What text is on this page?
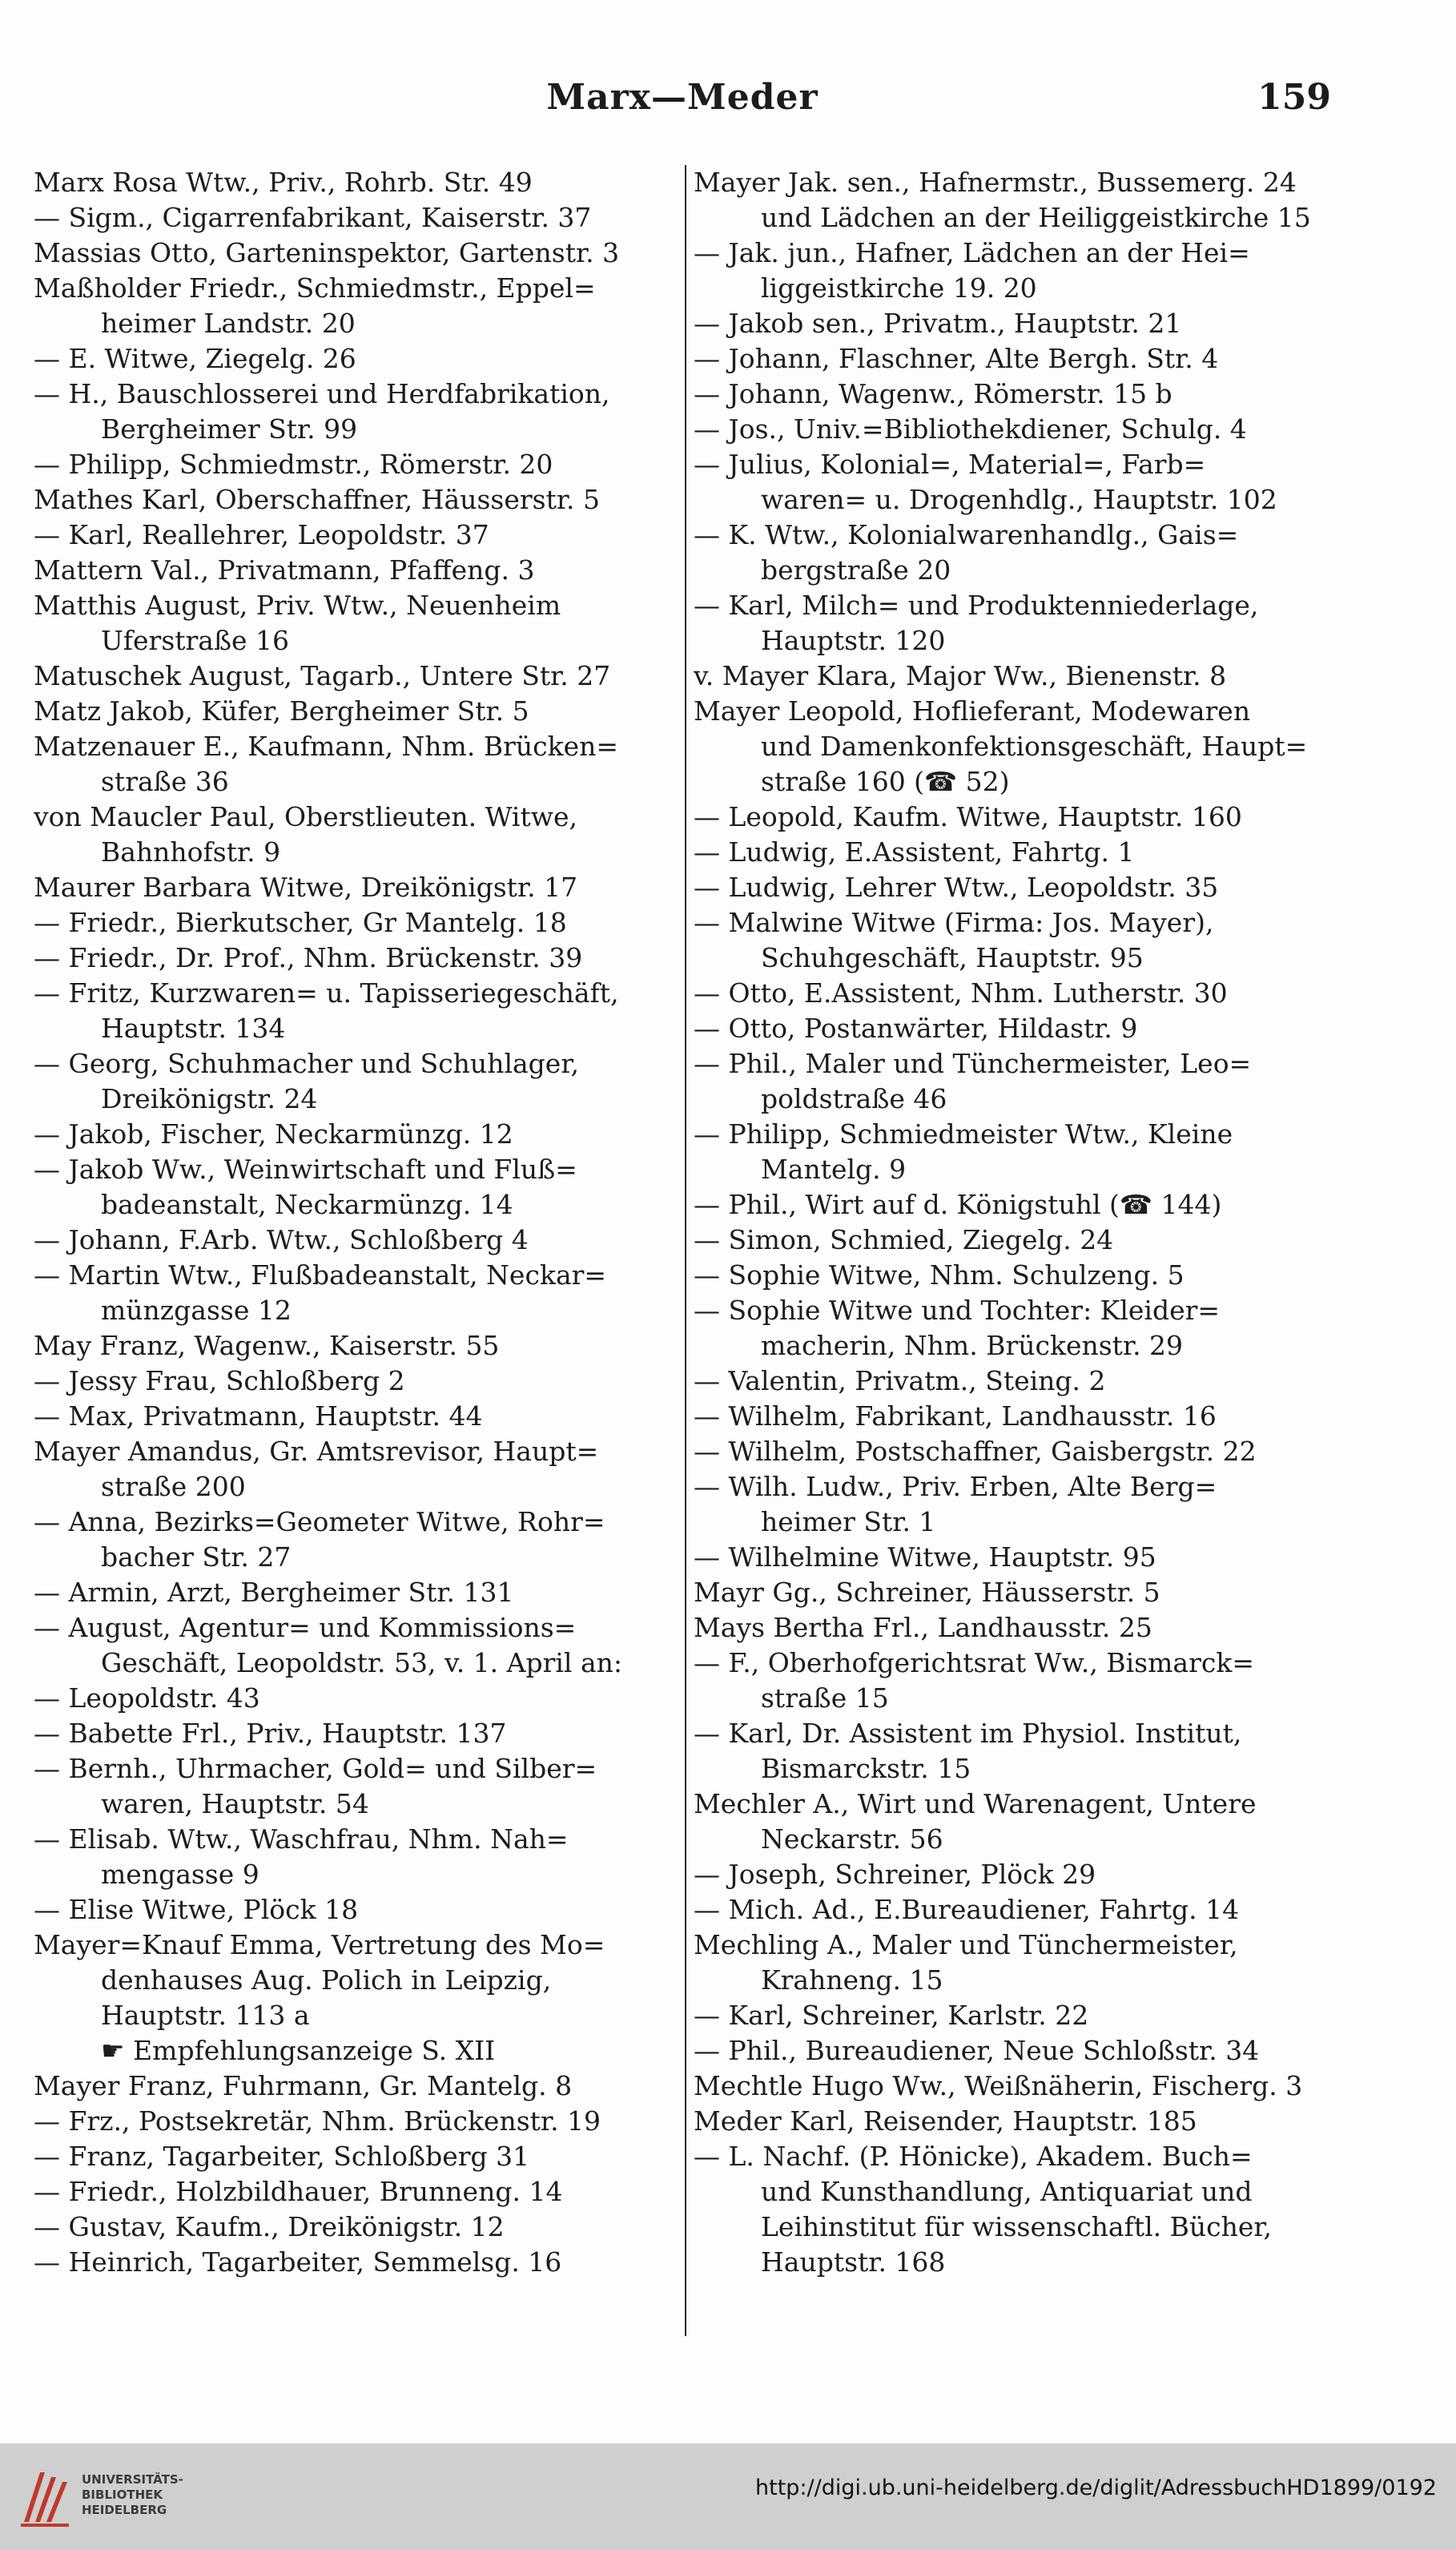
Marx—Meder	159
Marx Rosa Wtw., Priv., Rohrb. Str. 49
— Sigm., Cigarrenfabrikant, Kaiserstr. 37
Massias Otto, Garteninspektor, Gartenstr. 3
Maßholder Friedr., Schmiedmstr., Eppel=
heimer Landstr. 20
— E. Witwe, Ziegelg. 26
— H., Bauschlosserei und Herdfabrikation,
Bergheimer Str. 99
— Philipp, Schmiedmstr., Römerstr. 20
Mathes Karl, Oberschaffner, Häusserstr. 5
— Karl, Reallehrer, Leopoldstr. 37
Mattern Val., Privatmann, Pfaffeng. 3
Matthis August, Priv. Wtw., Neuenheim
Uferstraße 16
Matuschek August, Tagarb., Untere Str. 27
Matz Jakob, Küfer, Bergheimer Str. 5
Matzenauer E., Kaufmann, Nhm. Brücken=
straße 36
von Maucler Paul, Oberstlieuten. Witwe,
Bahnhofstr. 9
Maurer Barbara Witwe, Dreikönigstr. 17
— Friedr., Bierkutscher, Gr Mantelg. 18
— Friedr., Dr. Prof., Nhm. Brückenstr. 39
— Fritz, Kurzwaren= u. Tapisseriegeschäft,
Hauptstr. 134
— Georg, Schuhmacher und Schuhlager,
Dreikönigstr. 24
— Jakob, Fischer, Neckarmünzg. 12
— Jakob Ww., Weinwirtschaft und Fluß=
badeanstalt, Neckarmünzg. 14
— Johann, F.Arb. Wtw., Schloßberg 4
— Martin Wtw., Flußbadeanstalt, Neckar=
münzgasse 12
May Franz, Wagenw., Kaiserstr. 55
— Jessy Frau, Schloßberg 2
— Max, Privatmann, Hauptstr. 44
Mayer Amandus, Gr. Amtsrevisor, Haupt=
straße 200
— Anna, Bezirks=Geometer Witwe, Rohr=
bacher Str. 27
— Armin, Arzt, Bergheimer Str. 131
— August, Agentur= und Kommissions=
Geschäft, Leopoldstr. 53, v. 1. April an:
— Leopoldstr. 43
— Babette Frl., Priv., Hauptstr. 137
— Bernh., Uhrmacher, Gold= und Silber=
waren, Hauptstr. 54
— Elisab. Wtw., Waschfrau, Nhm. Nah=
mengasse 9
— Elise Witwe, Plöck 18
Mayer=Knauf Emma, Vertretung des Mo=
denhauses Aug. Polich in Leipzig,
Hauptstr. 113 a
☛ Empfehlungsanzeige S. XII
Mayer Franz, Fuhrmann, Gr. Mantelg. 8
— Frz., Postsekretär, Nhm. Brückenstr. 19
— Franz, Tagarbeiter, Schloßberg 31
— Friedr., Holzbildhauer, Brunneng. 14
— Gustav, Kaufm., Dreikönigstr. 12
— Heinrich, Tagarbeiter, Semmelsg. 16
Mayer Jak. sen., Hafnermstr., Bussemerg. 24
und Lädchen an der Heiliggeistkirche 15
— Jak. jun., Hafner, Lädchen an der Hei=
liggeistkirche 19. 20
— Jakob sen., Privatm., Hauptstr. 21
— Johann, Flaschner, Alte Bergh. Str. 4
— Johann, Wagenw., Römerstr. 15 b
— Jos., Univ.=Bibliothekdiener, Schulg. 4
— Julius, Kolonial=, Material=, Farb=
waren= u. Drogenhdlg., Hauptstr. 102
— K. Wtw., Kolonialwarenhandlg., Gais=
bergstraße 20
— Karl, Milch= und Produktenniederlage,
Hauptstr. 120
v. Mayer Klara, Major Ww., Bienenstr. 8
Mayer Leopold, Hoflieferant, Modewaren
und Damenkonfektionsgeschäft, Haupt=
straße 160 (☎ 52)
— Leopold, Kaufm. Witwe, Hauptstr. 160
— Ludwig, E.Assistent, Fahrtg. 1
— Ludwig, Lehrer Wtw., Leopoldstr. 35
— Malwine Witwe (Firma: Jos. Mayer),
Schuhgeschäft, Hauptstr. 95
— Otto, E.Assistent, Nhm. Lutherstr. 30
— Otto, Postanwärter, Hildastr. 9
— Phil., Maler und Tünchermeister, Leo=
poldstraße 46
— Philipp, Schmiedmeister Wtw., Kleine
Mantelg. 9
— Phil., Wirt auf d. Königstuhl (☎ 144)
— Simon, Schmied, Ziegelg. 24
— Sophie Witwe, Nhm. Schulzeng. 5
— Sophie Witwe und Tochter: Kleider=
macherin, Nhm. Brückenstr. 29
— Valentin, Privatm., Steing. 2
— Wilhelm, Fabrikant, Landhausstr. 16
— Wilhelm, Postschaffner, Gaisbergstr. 22
— Wilh. Ludw., Priv. Erben, Alte Berg=
heimer Str. 1
— Wilhelmine Witwe, Hauptstr. 95
Mayr Gg., Schreiner, Häusserstr. 5
Mays Bertha Frl., Landhausstr. 25
— F., Oberhofgerichtsrat Ww., Bismarck=
straße 15
— Karl, Dr. Assistent im Physiol. Institut,
Bismarckstr. 15
Mechler A., Wirt und Warenagent, Untere
Neckarstr. 56
— Joseph, Schreiner, Plöck 29
— Mich. Ad., E.Bureaudiener, Fahrtg. 14
Mechling A., Maler und Tünchermeister,
Krahneng. 15
— Karl, Schreiner, Karlstr. 22
— Phil., Bureaudiener, Neue Schloßstr. 34
Mechtle Hugo Ww., Weißnäherin, Fischerg. 3
Meder Karl, Reisender, Hauptstr. 185
— L. Nachf. (P. Hönicke), Akadem. Buch=
und Kunsthandlung, Antiquariat und
Leihinstitut für wissenschaftl. Bücher,
Hauptstr. 168
UNIVERSITÄTS-
BIBLIOTHEK
HEIDELBERG
http://digi.ub.uni-heidelberg.de/diglit/AdressbuchHD1899/0192
